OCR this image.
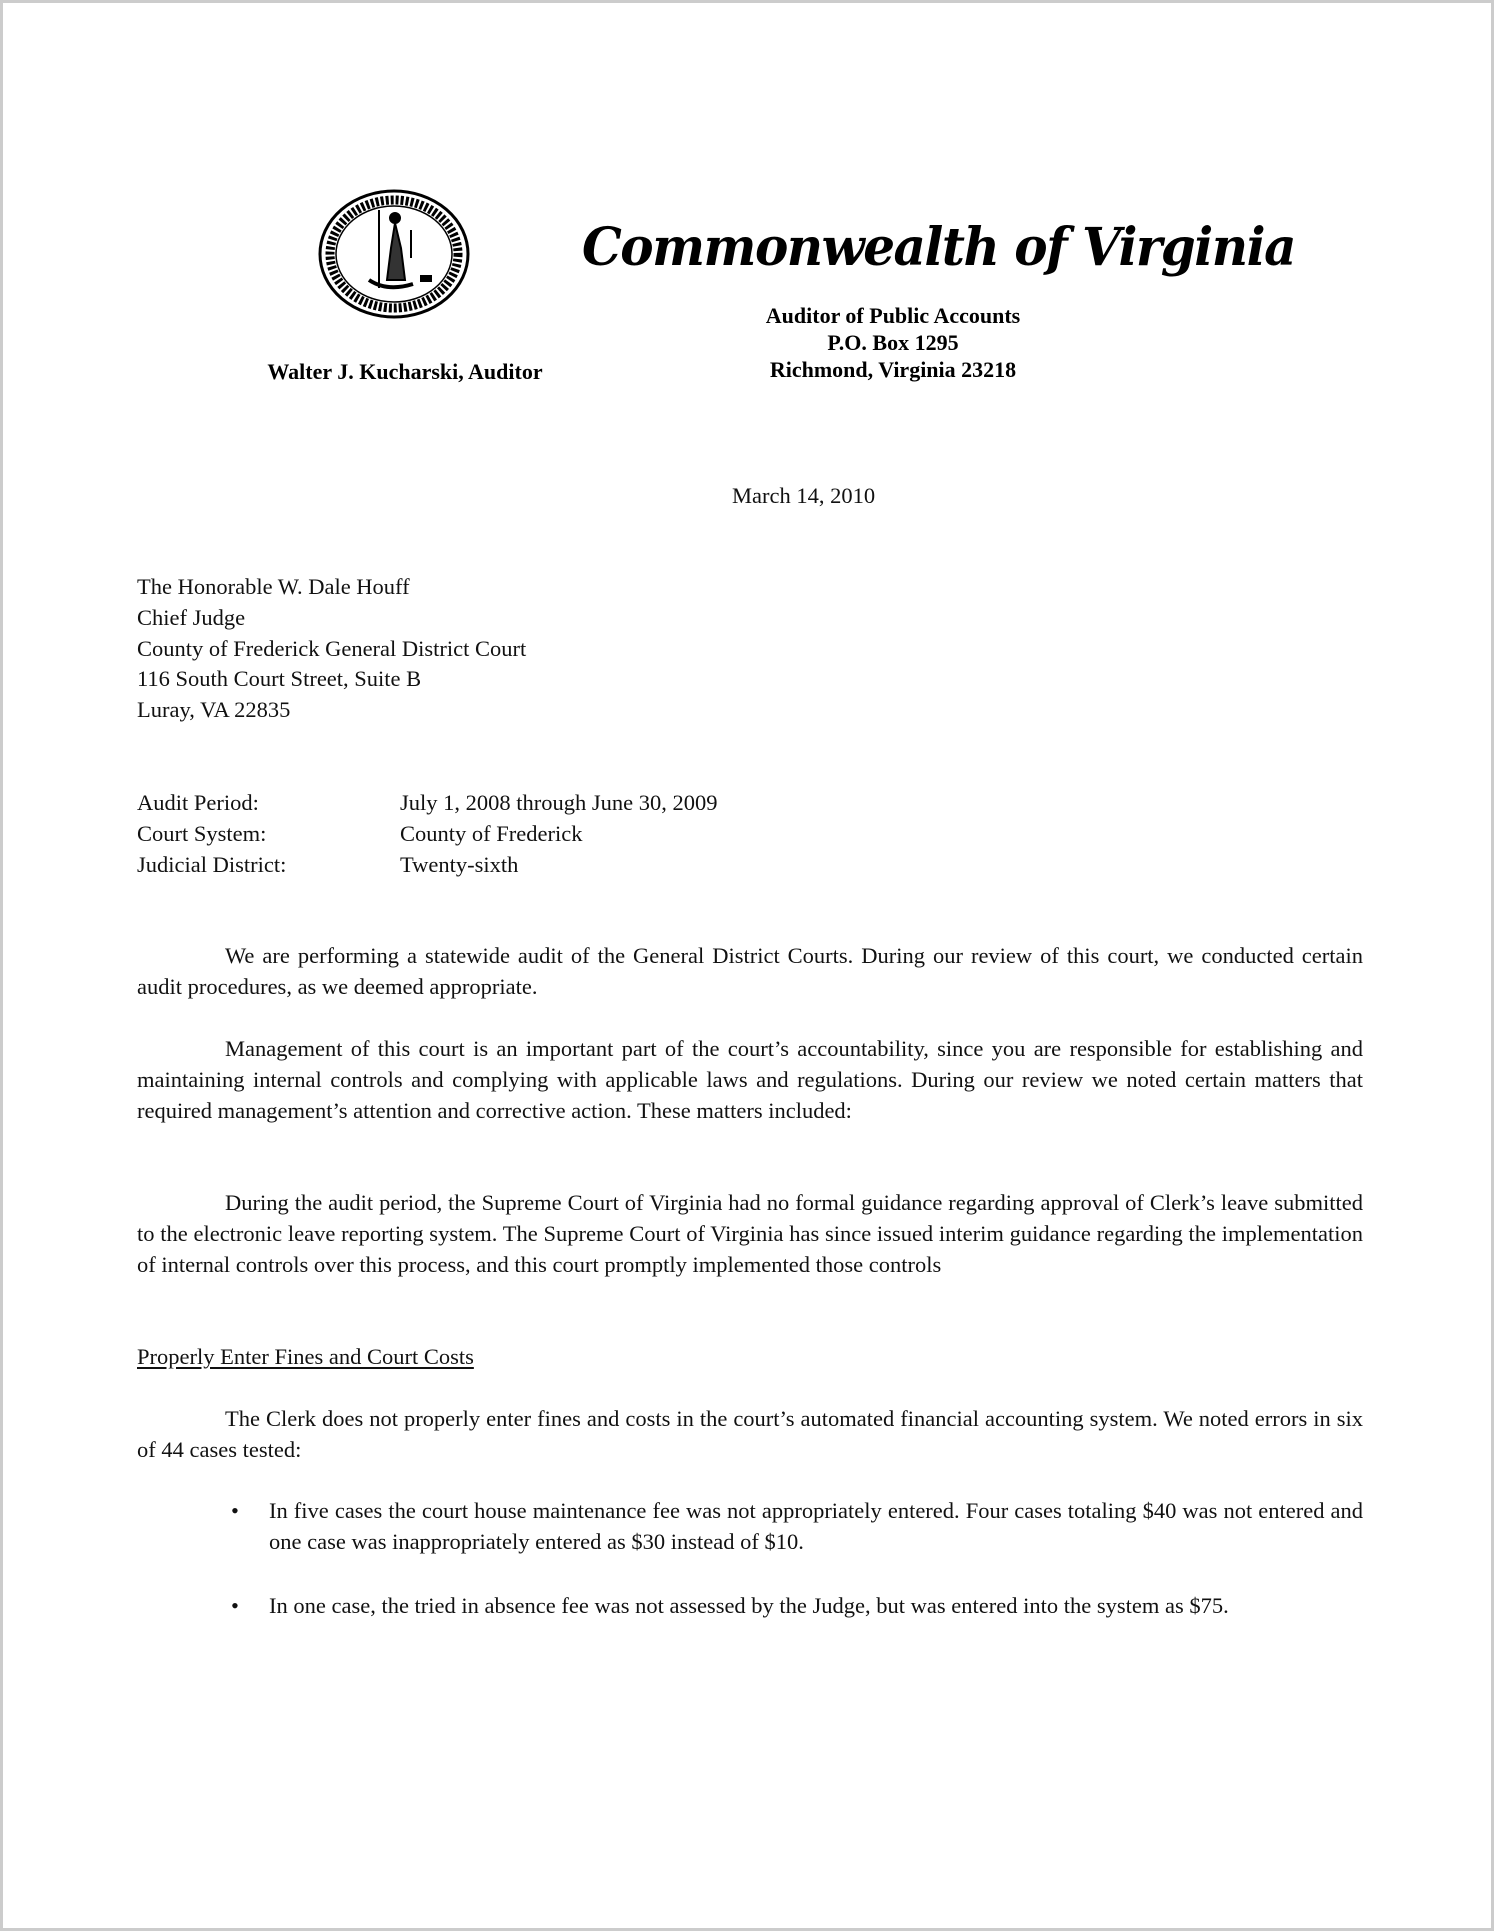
Commonwealth of Virginia
Auditor of Public Accounts
P.O. Box 1295
Richmond, Virginia 23218
Walter J. Kucharski, Auditor
March 14, 2010
The Honorable W. Dale Houff
Chief Judge
County of Frederick General District Court
116 South Court Street, Suite B
Luray, VA 22835
Audit Period:	July 1, 2008 through June 30, 2009
Court System:	County of Frederick
Judicial District:	Twenty-sixth

We are performing a statewide audit of the General District Courts. During our review of this court, we conducted certain audit procedures, as we deemed appropriate.

Management of this court is an important part of the court’s accountability, since you are responsible for establishing and maintaining internal controls and complying with applicable laws and regulations. During our review we noted certain matters that required management’s attention and corrective action. These matters included:

During the audit period, the Supreme Court of Virginia had no formal guidance regarding approval of Clerk’s leave submitted to the electronic leave reporting system. The Supreme Court of Virginia has since issued interim guidance regarding the implementation of internal controls over this process, and this court promptly implemented those controls

Properly Enter Fines and Court Costs

The Clerk does not properly enter fines and costs in the court’s automated financial accounting system. We noted errors in six of 44 cases tested:

• In five cases the court house maintenance fee was not appropriately entered. Four cases totaling $40 was not entered and one case was inappropriately entered as $30 instead of $10.
• In one case, the tried in absence fee was not assessed by the Judge, but was entered into the system as $75.
